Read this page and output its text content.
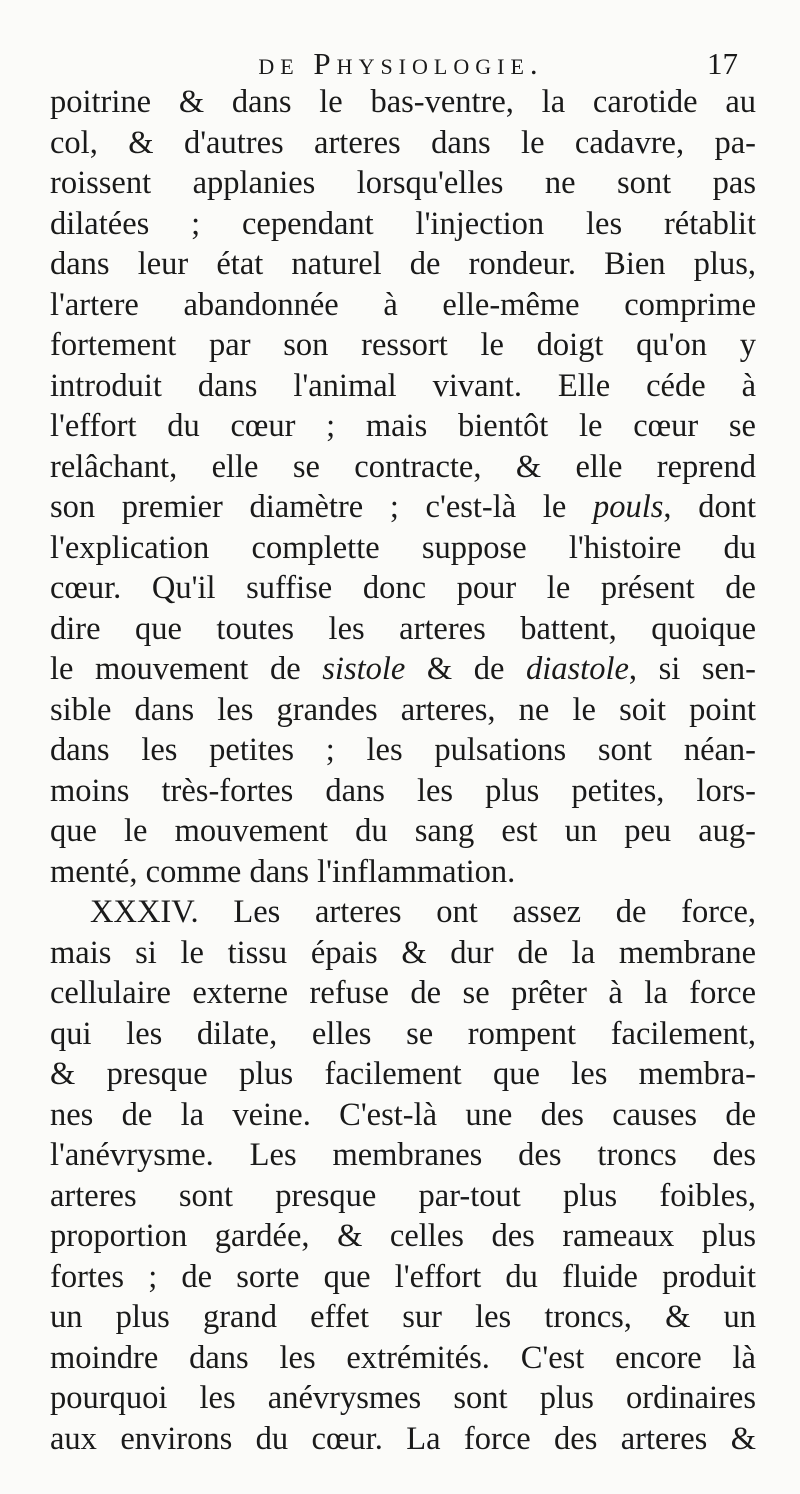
de Physiologie.	17
poitrine & dans le bas-ventre, la carotide au
col, & d'autres arteres dans le cadavre, pa-
roissent applanies lorsqu'elles ne sont pas
dilatées ; cependant l'injection les rétablit
dans leur état naturel de rondeur. Bien plus,
l'artere abandonnée à elle-même comprime
fortement par son ressort le doigt qu'on y
introduit dans l'animal vivant. Elle céde à
l'effort du cœur ; mais bientôt le cœur se
relâchant, elle se contracte, & elle reprend
son premier diamètre ; c'est-là le pouls, dont
l'explication complette suppose l'histoire du
cœur. Qu'il suffise donc pour le présent de
dire que toutes les arteres battent, quoique
le mouvement de sistole & de diastole, si sen-
sible dans les grandes arteres, ne le soit point
dans les petites ; les pulsations sont néan-
moins très-fortes dans les plus petites, lors-
que le mouvement du sang est un peu aug-
menté, comme dans l'inflammation.
XXXIV. Les arteres ont assez de force,
mais si le tissu épais & dur de la membrane
cellulaire externe refuse de se prêter à la force
qui les dilate, elles se rompent facilement,
& presque plus facilement que les membra-
nes de la veine. C'est-là une des causes de
l'anévrysme. Les membranes des troncs des
arteres sont presque par-tout plus foibles,
proportion gardée, & celles des rameaux plus
fortes ; de sorte que l'effort du fluide produit
un plus grand effet sur les troncs, & un
moindre dans les extrémités. C'est encore là
pourquoi les anévrysmes sont plus ordinaires
aux environs du cœur. La force des arteres &
